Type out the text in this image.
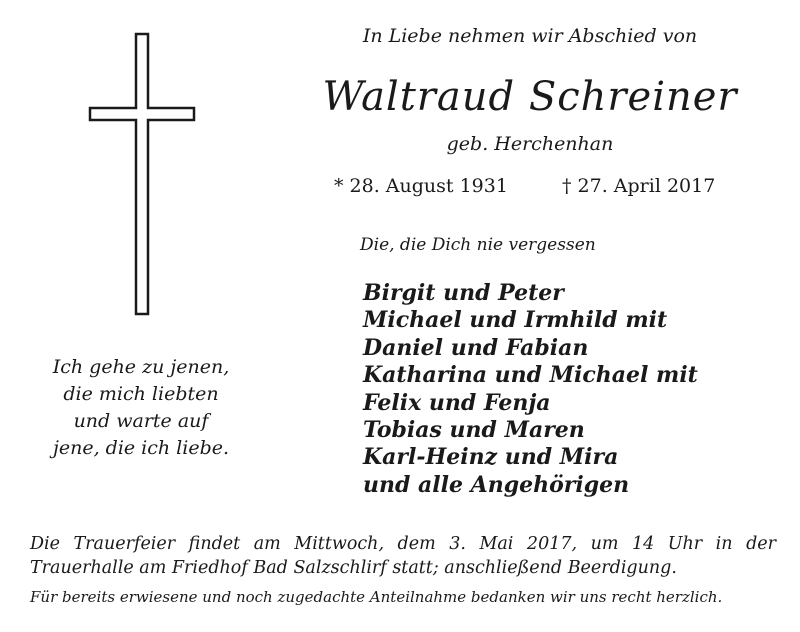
Ich gehe zu jenen,
die mich liebten
und warte auf
jene, die ich liebe.
In Liebe nehmen wir Abschied von
Waltraud Schreiner
geb. Herchenhan
* 28. August 1931	† 27. April 2017
Die, die Dich nie vergessen
Birgit und Peter
Michael und Irmhild mit
Daniel und Fabian
Katharina und Michael mit
Felix und Fenja
Tobias und Maren
Karl-Heinz und Mira
und alle Angehörigen
Die Trauerfeier findet am Mittwoch, dem 3. Mai 2017, um 14 Uhr in der
Trauerhalle am Friedhof Bad Salzschlirf statt; anschließend Beerdigung.
Für bereits erwiesene und noch zugedachte Anteilnahme bedanken wir uns recht herzlich.
